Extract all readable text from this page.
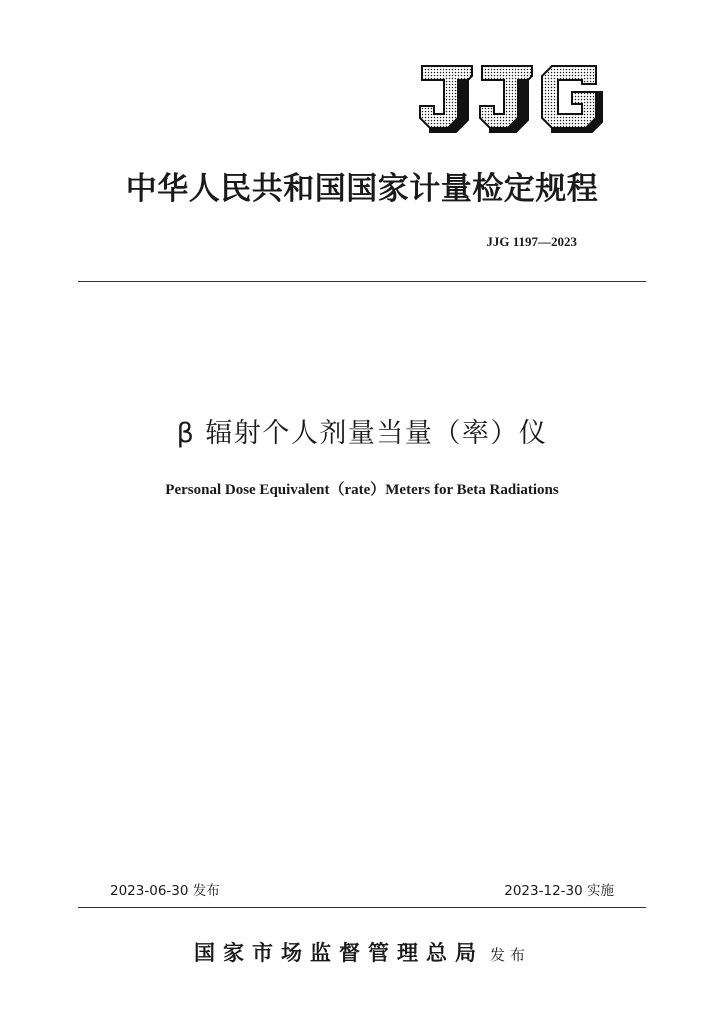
中华人民共和国国家计量检定规程
JJG 1197—2023
β 辐射个人剂量当量（率）仪
Personal Dose Equivalent（rate）Meters for Beta Radiations
2023-06-30 发布	2023-12-30 实施
国家市场监督管理总局 发布
